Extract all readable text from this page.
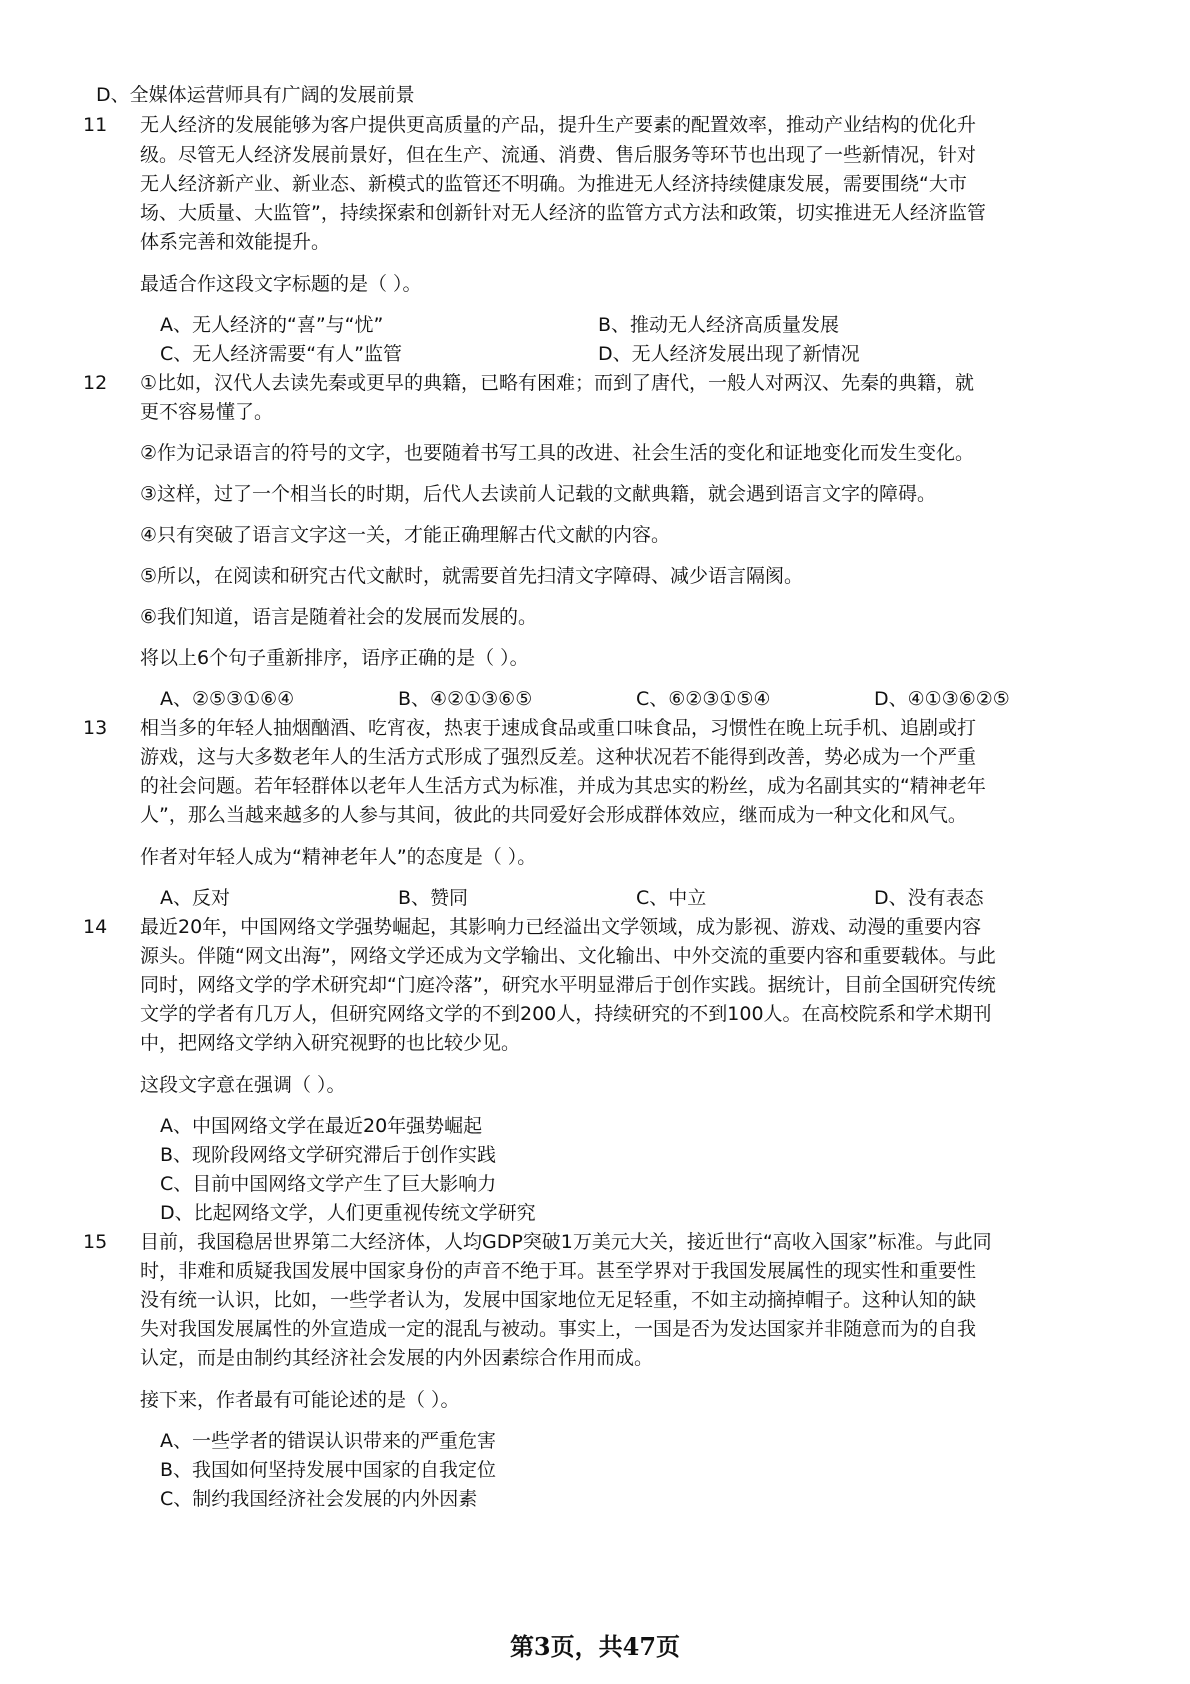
D、全媒体运营师具有广阔的发展前景
11	无人经济的发展能够为客户提供更高质量的产品，提升生产要素的配置效率，推动产业结构的优化升
级。尽管无人经济发展前景好，但在生产、流通、消费、售后服务等环节也出现了一些新情况，针对
无人经济新产业、新业态、新模式的监管还不明确。为推进无人经济持续健康发展，需要围绕“大市
场、大质量、大监管”，持续探索和创新针对无人经济的监管方式方法和政策，切实推进无人经济监管
体系完善和效能提升。
最适合作这段文字标题的是（ ）。
A、无人经济的“喜”与“忧”	B、推动无人经济高质量发展
C、无人经济需要“有人”监管	D、无人经济发展出现了新情况
12	①比如，汉代人去读先秦或更早的典籍，已略有困难；而到了唐代，一般人对两汉、先秦的典籍，就
更不容易懂了。
②作为记录语言的符号的文字，也要随着书写工具的改进、社会生活的变化和证地变化而发生变化。
③这样，过了一个相当长的时期，后代人去读前人记载的文献典籍，就会遇到语言文字的障碍。
④只有突破了语言文字这一关，才能正确理解古代文献的内容。
⑤所以，在阅读和研究古代文献时，就需要首先扫清文字障碍、减少语言隔阂。
⑥我们知道，语言是随着社会的发展而发展的。
将以上6个句子重新排序，语序正确的是（ ）。
A、②⑤③①⑥④	B、④②①③⑥⑤	C、⑥②③①⑤④	D、④①③⑥②⑤
13	相当多的年轻人抽烟酗酒、吃宵夜，热衷于速成食品或重口味食品，习惯性在晚上玩手机、追剧或打
游戏，这与大多数老年人的生活方式形成了强烈反差。这种状况若不能得到改善，势必成为一个严重
的社会问题。若年轻群体以老年人生活方式为标准，并成为其忠实的粉丝，成为名副其实的“精神老年
人”，那么当越来越多的人参与其间，彼此的共同爱好会形成群体效应，继而成为一种文化和风气。
作者对年轻人成为“精神老年人”的态度是（ ）。
A、反对	B、赞同	C、中立	D、没有表态
14	最近20年，中国网络文学强势崛起，其影响力已经溢出文学领域，成为影视、游戏、动漫的重要内容
源头。伴随“网文出海”，网络文学还成为文学输出、文化输出、中外交流的重要内容和重要载体。与此
同时，网络文学的学术研究却“门庭冷落”，研究水平明显滞后于创作实践。据统计，目前全国研究传统
文学的学者有几万人，但研究网络文学的不到200人，持续研究的不到100人。在高校院系和学术期刊
中，把网络文学纳入研究视野的也比较少见。
这段文字意在强调（ ）。
A、中国网络文学在最近20年强势崛起
B、现阶段网络文学研究滞后于创作实践
C、目前中国网络文学产生了巨大影响力
D、比起网络文学，人们更重视传统文学研究
15	目前，我国稳居世界第二大经济体，人均GDP突破1万美元大关，接近世行“高收入国家”标准。与此同
时，非难和质疑我国发展中国家身份的声音不绝于耳。甚至学界对于我国发展属性的现实性和重要性
没有统一认识，比如，一些学者认为，发展中国家地位无足轻重，不如主动摘掉帽子。这种认知的缺
失对我国发展属性的外宣造成一定的混乱与被动。事实上，一国是否为发达国家并非随意而为的自我
认定，而是由制约其经济社会发展的内外因素综合作用而成。
接下来，作者最有可能论述的是（ ）。
A、一些学者的错误认识带来的严重危害
B、我国如何坚持发展中国家的自我定位
C、制约我国经济社会发展的内外因素
第3页，共47页
